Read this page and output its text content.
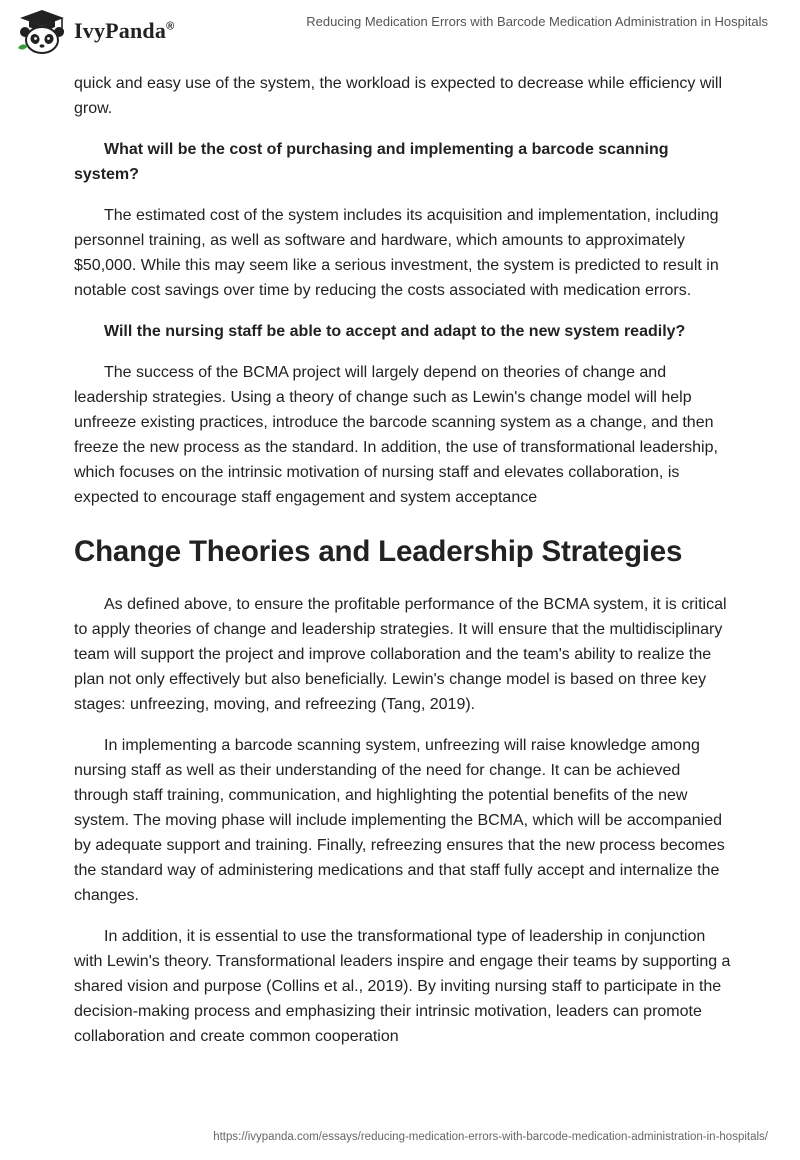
IvyPanda®	Reducing Medication Errors with Barcode Medication Administration in Hospitals

quick and easy use of the system, the workload is expected to decrease while efficiency will grow.

What will be the cost of purchasing and implementing a barcode scanning system?

The estimated cost of the system includes its acquisition and implementation, including personnel training, as well as software and hardware, which amounts to approximately $50,000. While this may seem like a serious investment, the system is predicted to result in notable cost savings over time by reducing the costs associated with medication errors.

Will the nursing staff be able to accept and adapt to the new system readily?

The success of the BCMA project will largely depend on theories of change and leadership strategies. Using a theory of change such as Lewin's change model will help unfreeze existing practices, introduce the barcode scanning system as a change, and then freeze the new process as the standard. In addition, the use of transformational leadership, which focuses on the intrinsic motivation of nursing staff and elevates collaboration, is expected to encourage staff engagement and system acceptance

Change Theories and Leadership Strategies

As defined above, to ensure the profitable performance of the BCMA system, it is critical to apply theories of change and leadership strategies. It will ensure that the multidisciplinary team will support the project and improve collaboration and the team's ability to realize the plan not only effectively but also beneficially. Lewin's change model is based on three key stages: unfreezing, moving, and refreezing (Tang, 2019).

In implementing a barcode scanning system, unfreezing will raise knowledge among nursing staff as well as their understanding of the need for change. It can be achieved through staff training, communication, and highlighting the potential benefits of the new system. The moving phase will include implementing the BCMA, which will be accompanied by adequate support and training. Finally, refreezing ensures that the new process becomes the standard way of administering medications and that staff fully accept and internalize the changes.

In addition, it is essential to use the transformational type of leadership in conjunction with Lewin's theory. Transformational leaders inspire and engage their teams by supporting a shared vision and purpose (Collins et al., 2019). By inviting nursing staff to participate in the decision-making process and emphasizing their intrinsic motivation, leaders can promote collaboration and create common cooperation

https://ivypanda.com/essays/reducing-medication-errors-with-barcode-medication-administration-in-hospitals/
